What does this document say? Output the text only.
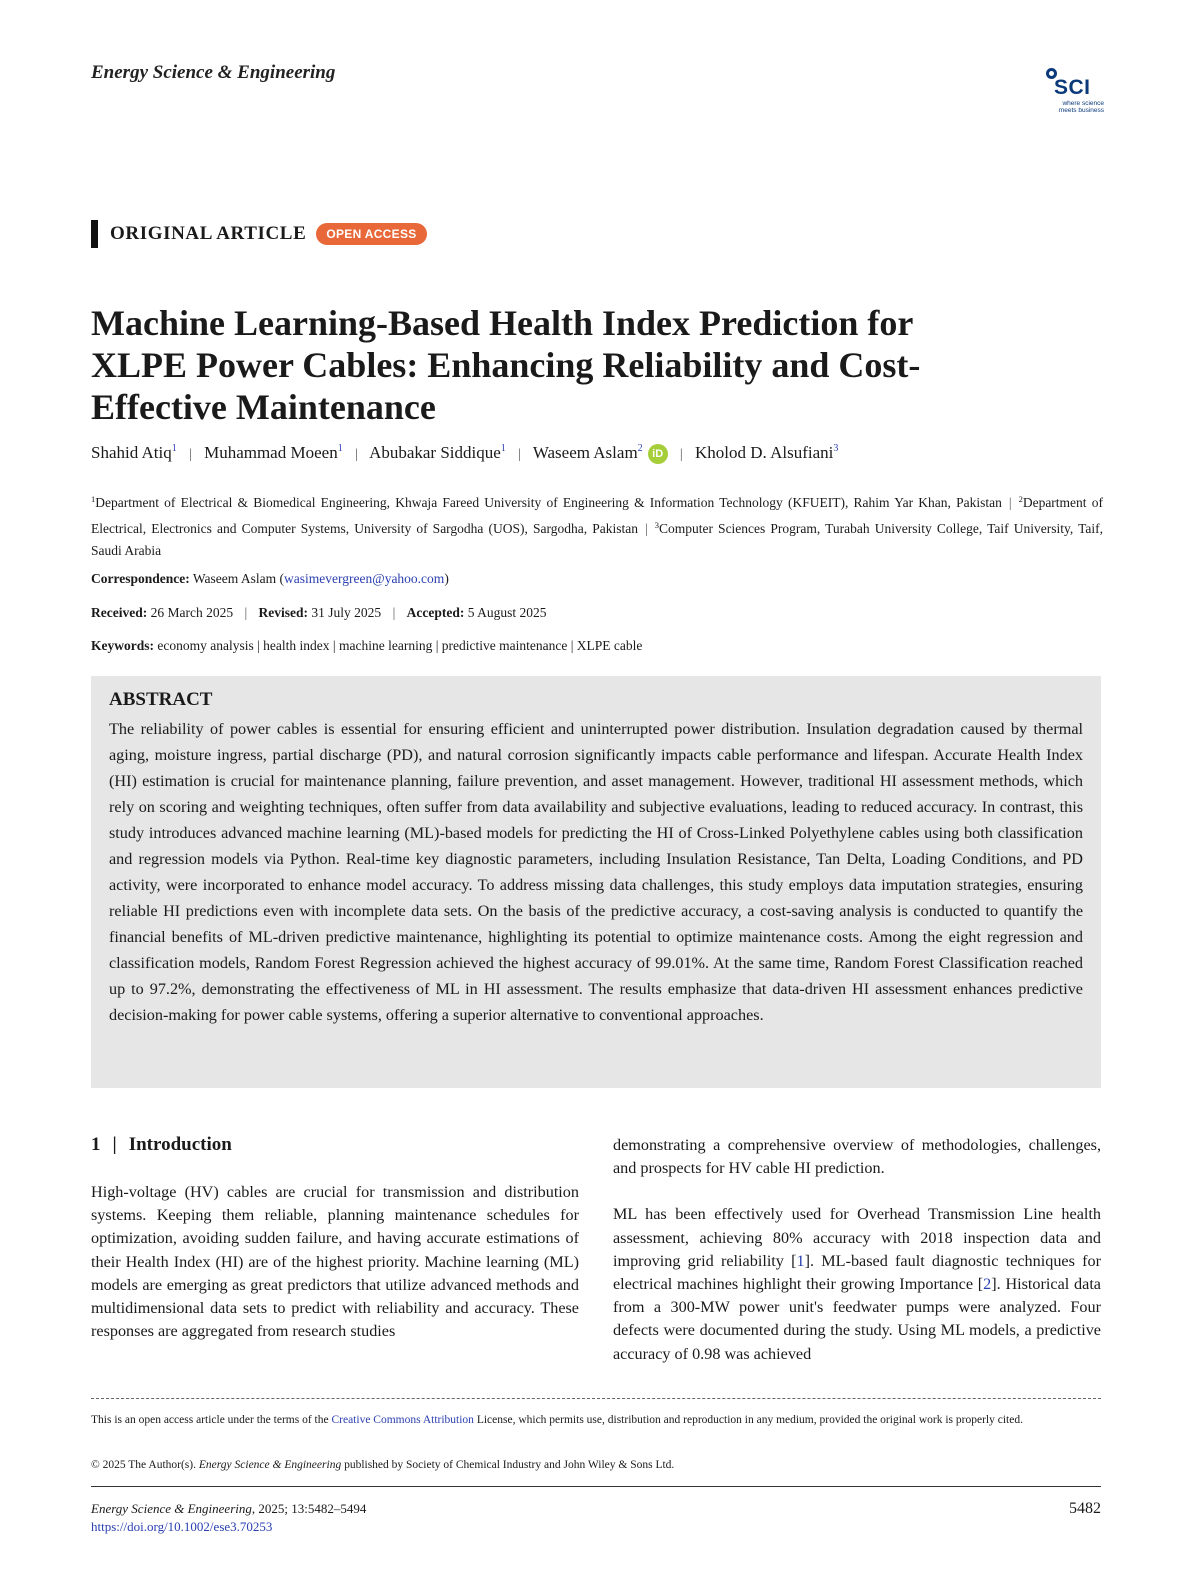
Energy Science & Engineering
SCI
where science meets business
ORIGINAL ARTICLE	OPEN ACCESS
Machine Learning-Based Health Index Prediction for XLPE Power Cables: Enhancing Reliability and Cost-Effective Maintenance
Shahid Atiq$^1$ | Muhammad Moeen$^1$ | Abubakar Siddique$^1$ | Waseem Aslam$^2$ iD | Kholod D. Alsufiani$^3$
$^1$Department of Electrical & Biomedical Engineering, Khwaja Fareed University of Engineering & Information Technology (KFUEIT), Rahim Yar Khan, Pakistan | $^2$Department of Electrical, Electronics and Computer Systems, University of Sargodha (UOS), Sargodha, Pakistan | $^3$Computer Sciences Program, Turabah University College, Taif University, Taif, Saudi Arabia
Correspondence: Waseem Aslam (wasimevergreen@yahoo.com)
Received: 26 March 2025 | Revised: 31 July 2025 | Accepted: 5 August 2025
Keywords: economy analysis | health index | machine learning | predictive maintenance | XLPE cable
ABSTRACT

The reliability of power cables is essential for ensuring efficient and uninterrupted power distribution. Insulation degradation caused by thermal aging, moisture ingress, partial discharge (PD), and natural corrosion significantly impacts cable performance and lifespan. Accurate Health Index (HI) estimation is crucial for maintenance planning, failure prevention, and asset management. However, traditional HI assessment methods, which rely on scoring and weighting techniques, often suffer from data availability and subjective evaluations, leading to reduced accuracy. In contrast, this study introduces advanced machine learning (ML)-based models for predicting the HI of Cross-Linked Polyethylene cables using both classification and regression models via Python. Real-time key diagnostic parameters, including Insulation Resistance, Tan Delta, Loading Conditions, and PD activity, were incorporated to enhance model accuracy. To address missing data challenges, this study employs data imputation strategies, ensuring reliable HI predictions even with incomplete data sets. On the basis of the predictive accuracy, a cost-saving analysis is conducted to quantify the financial benefits of ML-driven predictive maintenance, highlighting its potential to optimize maintenance costs. Among the eight regression and classification models, Random Forest Regression achieved the highest accuracy of 99.01%. At the same time, Random Forest Classification reached up to 97.2%, demonstrating the effectiveness of ML in HI assessment. The results emphasize that data-driven HI assessment enhances predictive decision-making for power cable systems, offering a superior alternative to conventional approaches.

1 | Introduction

High-voltage (HV) cables are crucial for transmission and distribution systems. Keeping them reliable, planning maintenance schedules for optimization, avoiding sudden failure, and having accurate estimations of their Health Index (HI) are of the highest priority. Machine learning (ML) models are emerging as great predictors that utilize advanced methods and multidimensional data sets to predict with reliability and accuracy. These responses are aggregated from research studies

demonstrating a comprehensive overview of methodologies, challenges, and prospects for HV cable HI prediction.

ML has been effectively used for Overhead Transmission Line health assessment, achieving 80% accuracy with 2018 inspection data and improving grid reliability [1]. ML-based fault diagnostic techniques for electrical machines highlight their growing Importance [2]. Historical data from a 300-MW power unit's feedwater pumps were analyzed. Four defects were documented during the study. Using ML models, a predictive accuracy of 0.98 was achieved

This is an open access article under the terms of the Creative Commons Attribution License, which permits use, distribution and reproduction in any medium, provided the original work is properly cited.
© 2025 The Author(s). Energy Science & Engineering published by Society of Chemical Industry and John Wiley & Sons Ltd.
Energy Science & Engineering, 2025; 13:5482–5494
https://doi.org/10.1002/ese3.70253
5482
